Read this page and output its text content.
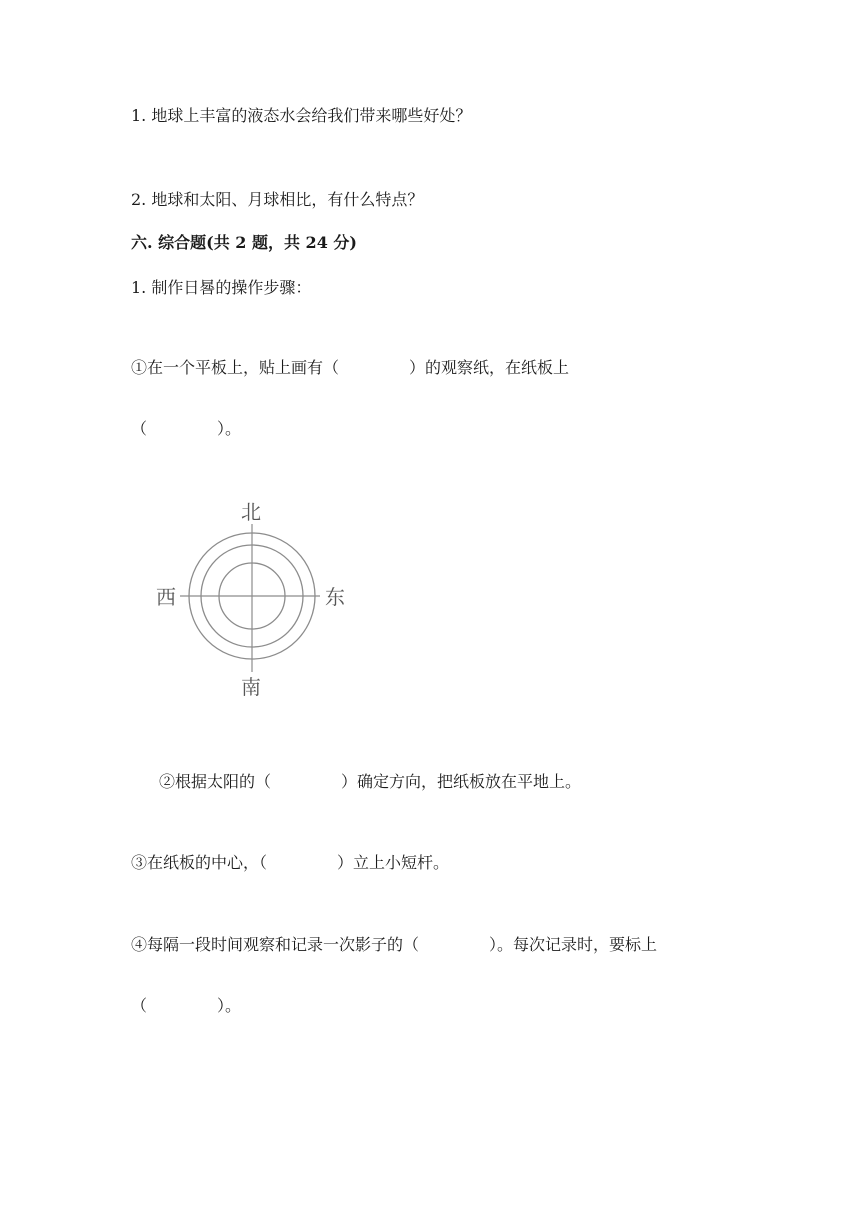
1. 地球上丰富的液态水会给我们带来哪些好处？
2. 地球和太阳、月球相比，有什么特点？
六. 综合题(共 2 题，共 24 分)
1. 制作日晷的操作步骤：
①在一个平板上，贴上画有（	）的观察纸，在纸板上
（	）。
北
南
东
西
②根据太阳的（	）确定方向，把纸板放在平地上。
③在纸板的中心，（	）立上小短杆。
④每隔一段时间观察和记录一次影子的（	）。每次记录时，要标上
（	）。
